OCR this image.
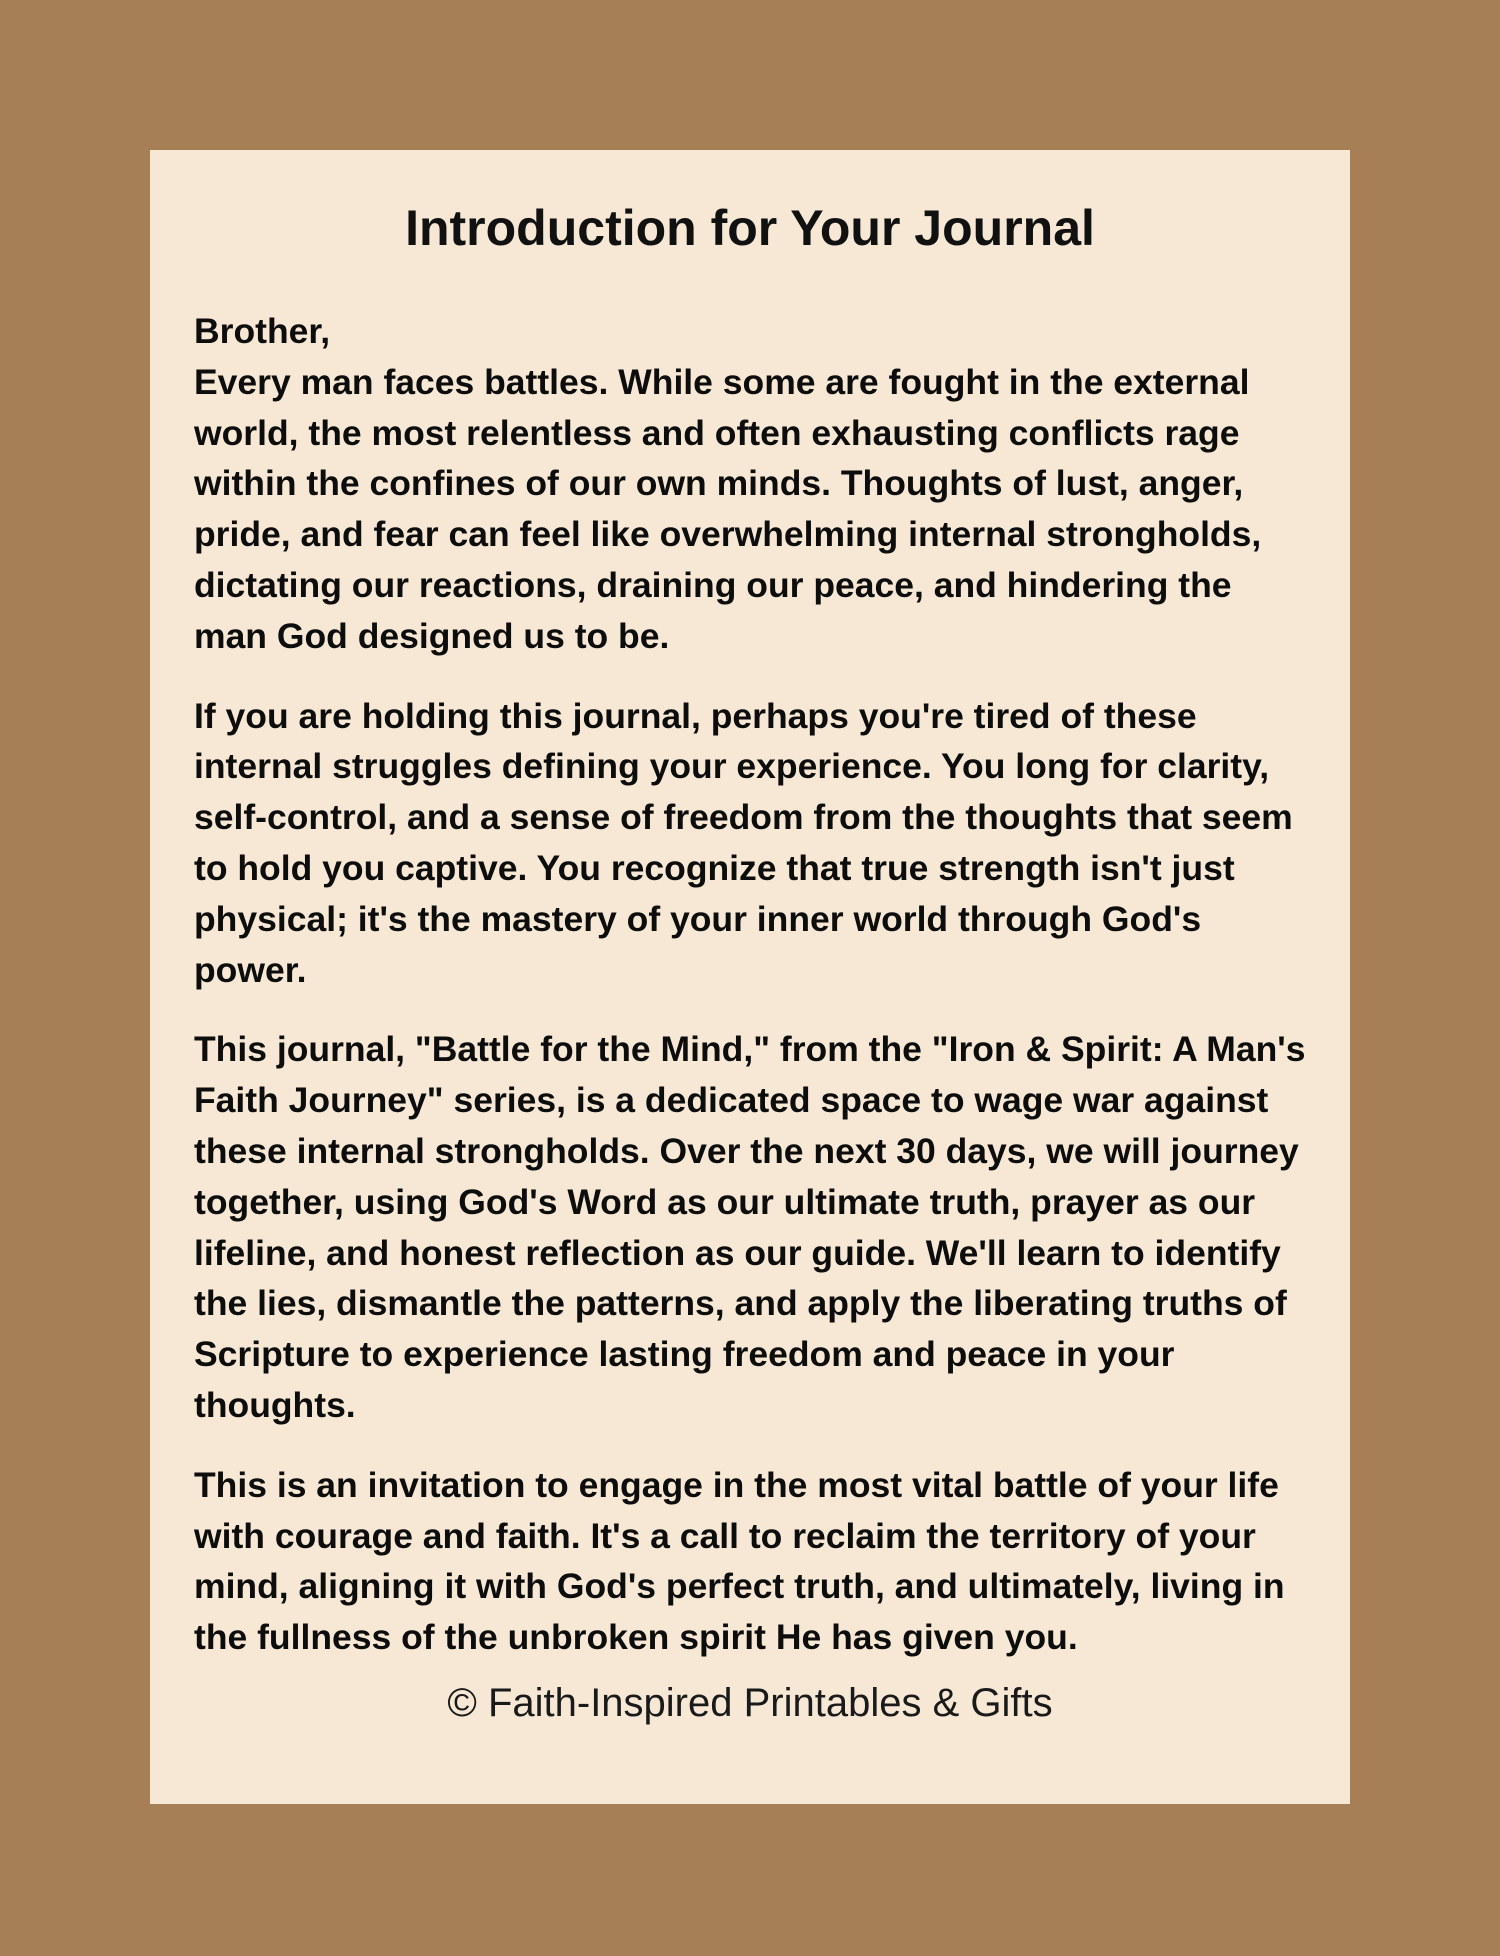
Introduction for Your Journal

Brother,
Every man faces battles. While some are fought in the external world, the most relentless and often exhausting conflicts rage within the confines of our own minds. Thoughts of lust, anger, pride, and fear can feel like overwhelming internal strongholds, dictating our reactions, draining our peace, and hindering the man God designed us to be.

If you are holding this journal, perhaps you're tired of these internal struggles defining your experience. You long for clarity, self-control, and a sense of freedom from the thoughts that seem to hold you captive. You recognize that true strength isn't just physical; it's the mastery of your inner world through God's power.

This journal, "Battle for the Mind," from the "Iron & Spirit: A Man's Faith Journey" series, is a dedicated space to wage war against these internal strongholds. Over the next 30 days, we will journey together, using God's Word as our ultimate truth, prayer as our lifeline, and honest reflection as our guide. We'll learn to identify the lies, dismantle the patterns, and apply the liberating truths of Scripture to experience lasting freedom and peace in your thoughts.

This is an invitation to engage in the most vital battle of your life with courage and faith. It's a call to reclaim the territory of your mind, aligning it with God's perfect truth, and ultimately, living in the fullness of the unbroken spirit He has given you.

© Faith-Inspired Printables & Gifts
